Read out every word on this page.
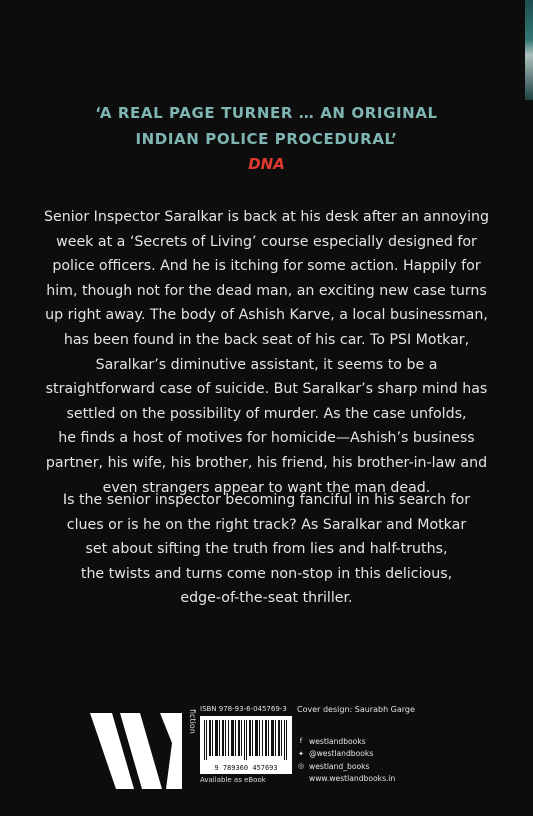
‘A REAL PAGE TURNER … AN ORIGINAL
INDIAN POLICE PROCEDURAL’
DNA
Senior Inspector Saralkar is back at his desk after an annoying
week at a ‘Secrets of Living’ course especially designed for
police officers. And he is itching for some action. Happily for
him, though not for the dead man, an exciting new case turns
up right away. The body of Ashish Karve, a local businessman,
has been found in the back seat of his car. To PSI Motkar,
Saralkar’s diminutive assistant, it seems to be a
straightforward case of suicide. But Saralkar’s sharp mind has
settled on the possibility of murder. As the case unfolds,
he finds a host of motives for homicide—Ashish’s business
partner, his wife, his brother, his friend, his brother-in-law and
even strangers appear to want the man dead.
Is the senior inspector becoming fanciful in his search for
clues or is he on the right track? As Saralkar and Motkar
set about sifting the truth from lies and half-truths,
the twists and turns come non-stop in this delicious,
edge-of-the-seat thriller.
fiction ISBN 978-93-6-045769-3
9 789360 457693
Available as eBook
Cover design: Saurabh Garge
f westlandbooks
✦ @westlandbooks
◎ westland_books
www.westlandbooks.in
